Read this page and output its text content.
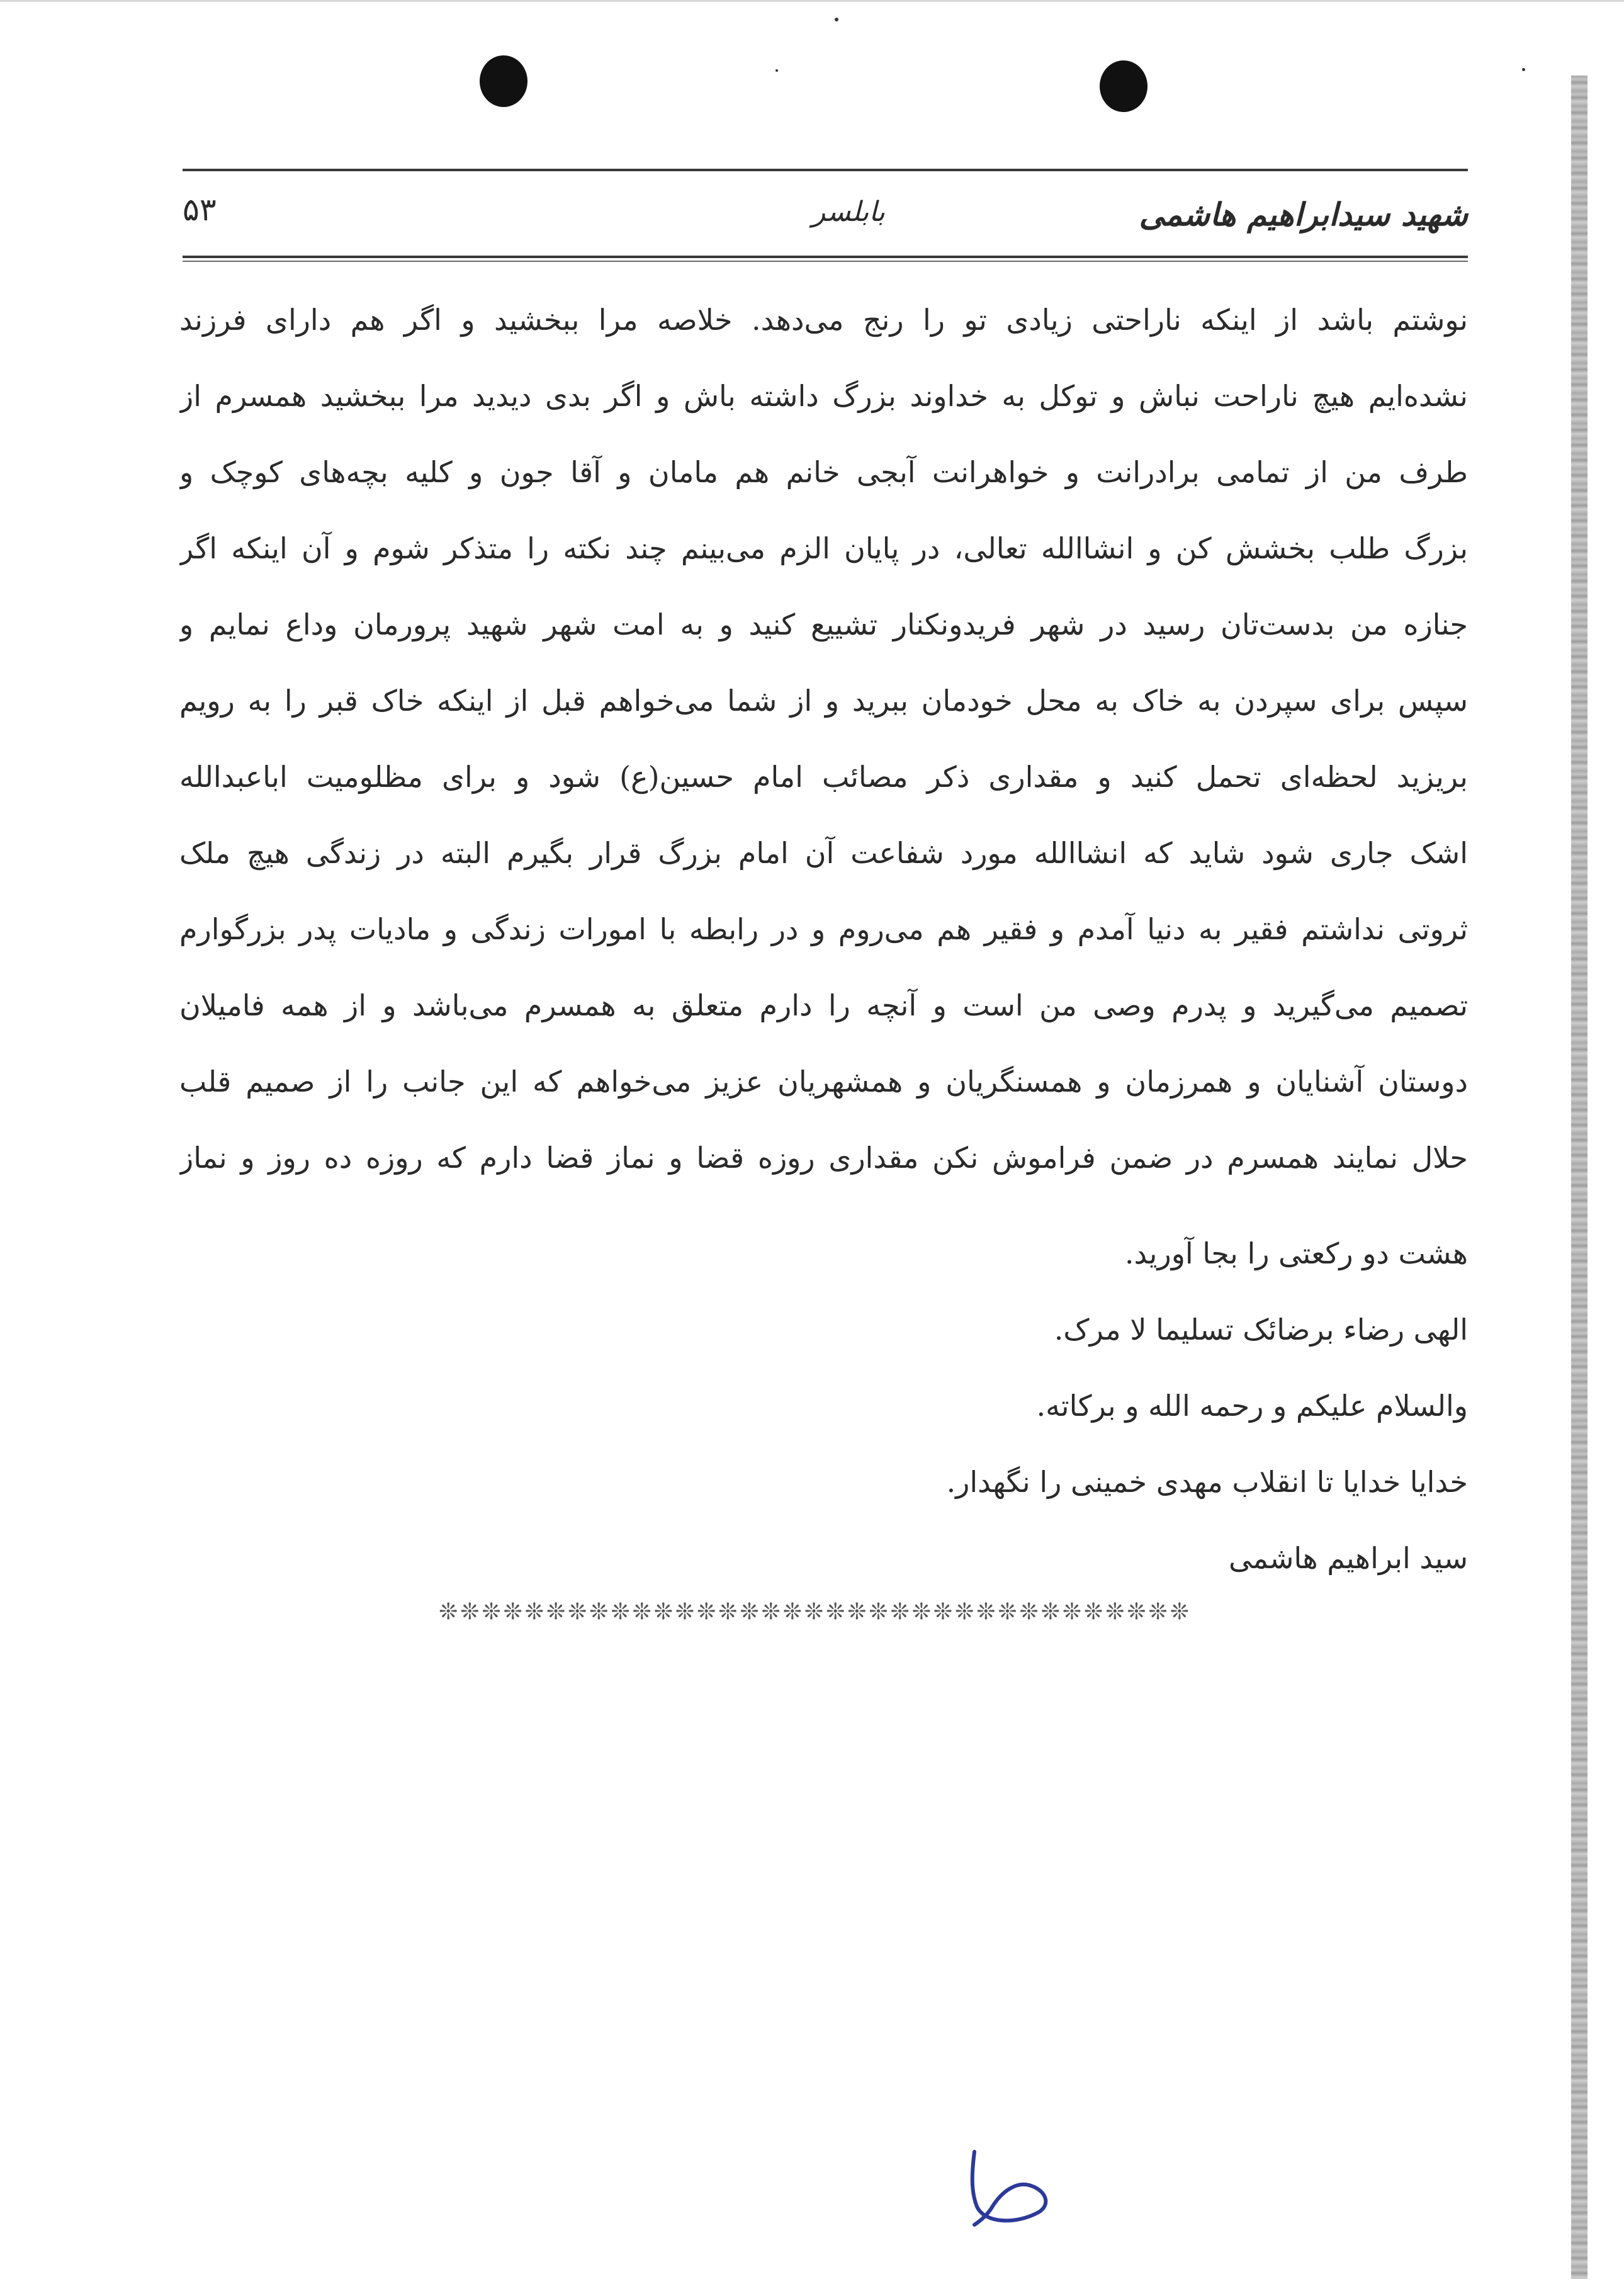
۵۳	بابلسر	شهید سیدابراهیم هاشمی
نوشتم باشد از اینکه ناراحتی زیادی تو را رنج می‌دهد. خلاصه مرا ببخشید و اگر هم دارای فرزند
نشده‌ایم هیچ ناراحت نباش و توکل به خداوند بزرگ داشته باش و اگر بدی دیدید مرا ببخشید همسرم از
طرف من از تمامی برادرانت و خواهرانت آبجی خانم هم مامان و آقا جون و کلیه بچه‌های کوچک و
بزرگ طلب بخشش کن و انشاالله تعالی، در پایان الزم می‌بینم چند نکته را متذکر شوم و آن اینکه اگر
جنازه من بدست‌تان رسید در شهر فریدونکنار تشییع کنید و به امت شهر شهید پرورمان وداع نمایم و
سپس برای سپردن به خاک به محل خودمان ببرید و از شما می‌خواهم قبل از اینکه خاک قبر را به رویم
بریزید لحظه‌ای تحمل کنید و مقداری ذکر مصائب امام حسین(ع) شود و برای مظلومیت اباعبدالله
اشک جاری شود شاید که انشاالله مورد شفاعت آن امام بزرگ قرار بگیرم البته در زندگی هیچ ملک
ثروتی نداشتم فقیر به دنیا آمدم و فقیر هم می‌روم و در رابطه با امورات زندگی و مادیات پدر بزرگوارم
تصمیم می‌گیرید و پدرم وصی من است و آنچه را دارم متعلق به همسرم می‌باشد و از همه فامیلان
دوستان آشنایان و همرزمان و همسنگریان و همشهریان عزیز می‌خواهم که این جانب را از صمیم قلب
حلال نمایند همسرم در ضمن فراموش نکن مقداری روزه قضا و نماز قضا دارم که روزه ده روز و نماز
هشت دو رکعتی را بجا آورید.
الهی رضاء برضائک تسلیما لا مرک.
والسلام علیکم و رحمه الله و برکاته.
خدایا خدایا تا انقلاب مهدی خمینی را نگهدار.
سید ابراهیم هاشمی
❊❊❊❊❊❊❊❊❊❊❊❊❊❊❊❊❊❊❊❊❊❊❊❊❊❊❊❊❊❊❊❊❊❊❊
